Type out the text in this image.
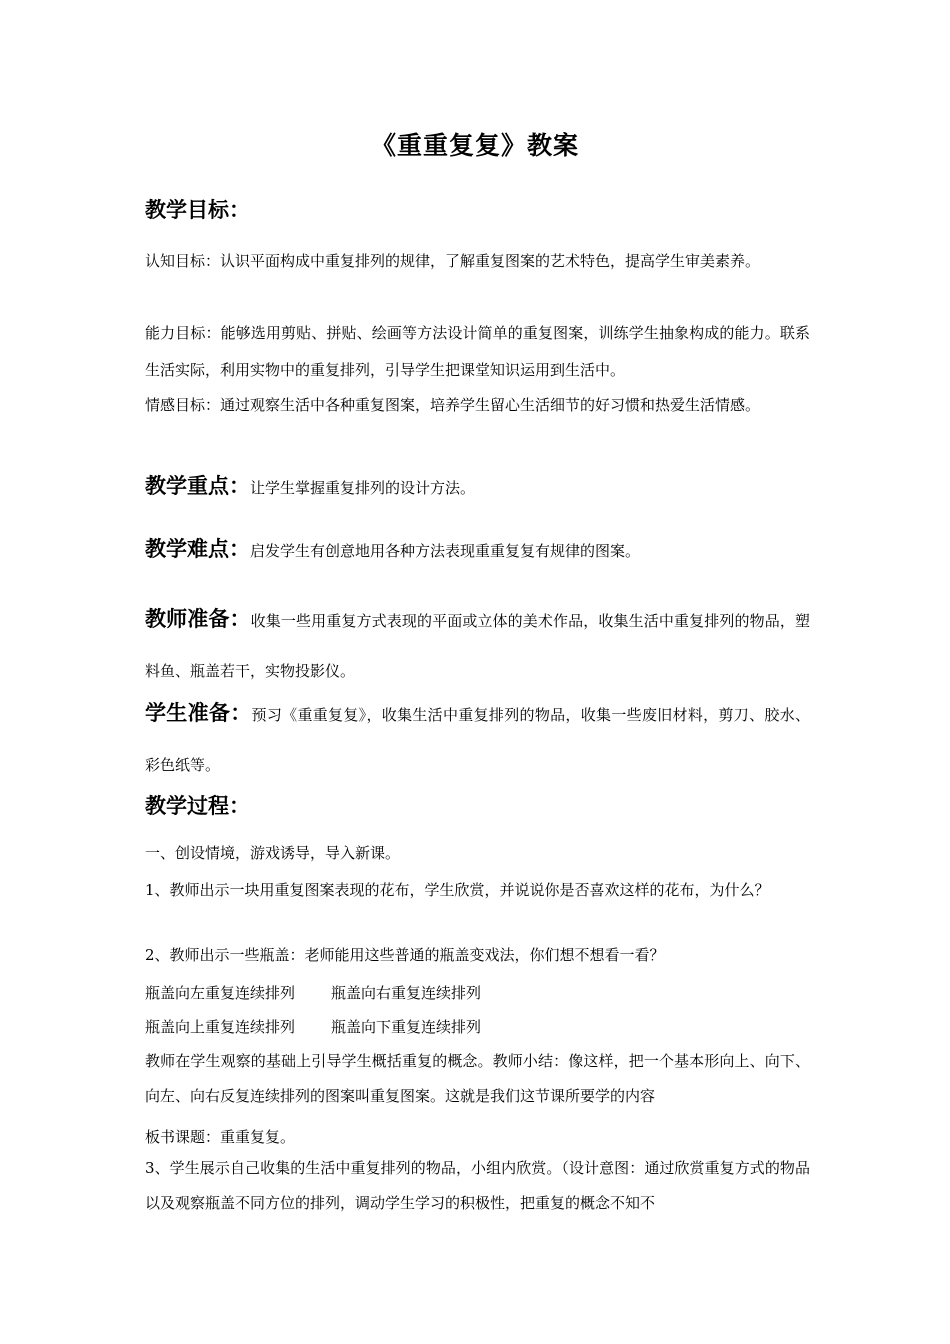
《重重复复》教案
教学目标：

认知目标：认识平面构成中重复排列的规律，了解重复图案的艺术特色，提高学生审美素养。

能力目标：能够选用剪贴、拼贴、绘画等方法设计简单的重复图案，训练学生抽象构成的能力。联系生活实际，利用实物中的重复排列，引导学生把课堂知识运用到生活中。

情感目标：通过观察生活中各种重复图案，培养学生留心生活细节的好习惯和热爱生活情感。

教学重点：让学生掌握重复排列的设计方法。

教学难点：启发学生有创意地用各种方法表现重重复复有规律的图案。

教师准备：收集一些用重复方式表现的平面或立体的美术作品，收集生活中重复排列的物品，塑料鱼、瓶盖若干，实物投影仪。

学生准备：预习《重重复复》，收集生活中重复排列的物品，收集一些废旧材料，剪刀、胶水、彩色纸等。

教学过程：

一、创设情境，游戏诱导，导入新课。

1、教师出示一块用重复图案表现的花布，学生欣赏，并说说你是否喜欢这样的花布，为什么？

2、教师出示一些瓶盖：老师能用这些普通的瓶盖变戏法，你们想不想看一看？

瓶盖向左重复连续排列 瓶盖向右重复连续排列

瓶盖向上重复连续排列 瓶盖向下重复连续排列

教师在学生观察的基础上引导学生概括重复的概念。教师小结：像这样，把一个基本形向上、向下、向左、向右反复连续排列的图案叫重复图案。这就是我们这节课所要学的内容

板书课题：重重复复。

3、学生展示自己收集的生活中重复排列的物品，小组内欣赏。（设计意图：通过欣赏重复方式的物品以及观察瓶盖不同方位的排列，调动学生学习的积极性，把重复的概念不知不
